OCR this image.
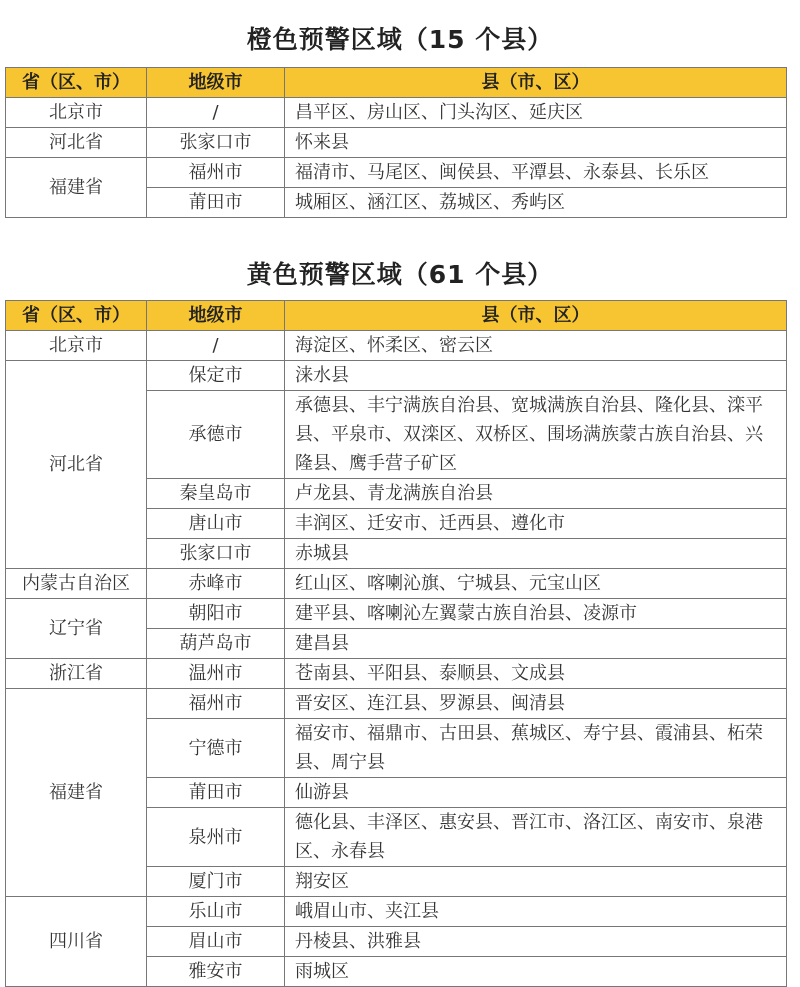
橙色预警区域（15 个县）
省（区、市）	地级市	县（市、区）
北京市	/	昌平区、房山区、门头沟区、延庆区
河北省	张家口市	怀来县
福建省	福州市	福清市、马尾区、闽侯县、平潭县、永泰县、长乐区
	莆田市	城厢区、涵江区、荔城区、秀屿区
黄色预警区域（61 个县）
省（区、市）	地级市	县（市、区）
北京市	/	海淀区、怀柔区、密云区
河北省	保定市	涞水县
	承德市	承德县、丰宁满族自治县、宽城满族自治县、隆化县、滦平县、平泉市、双滦区、双桥区、围场满族蒙古族自治县、兴隆县、鹰手营子矿区
	秦皇岛市	卢龙县、青龙满族自治县
	唐山市	丰润区、迁安市、迁西县、遵化市
	张家口市	赤城县
内蒙古自治区	赤峰市	红山区、喀喇沁旗、宁城县、元宝山区
辽宁省	朝阳市	建平县、喀喇沁左翼蒙古族自治县、凌源市
	葫芦岛市	建昌县
浙江省	温州市	苍南县、平阳县、泰顺县、文成县
福建省	福州市	晋安区、连江县、罗源县、闽清县
	宁德市	福安市、福鼎市、古田县、蕉城区、寿宁县、霞浦县、柘荣县、周宁县
	莆田市	仙游县
	泉州市	德化县、丰泽区、惠安县、晋江市、洛江区、南安市、泉港区、永春县
	厦门市	翔安区
四川省	乐山市	峨眉山市、夹江县
	眉山市	丹棱县、洪雅县
	雅安市	雨城区
